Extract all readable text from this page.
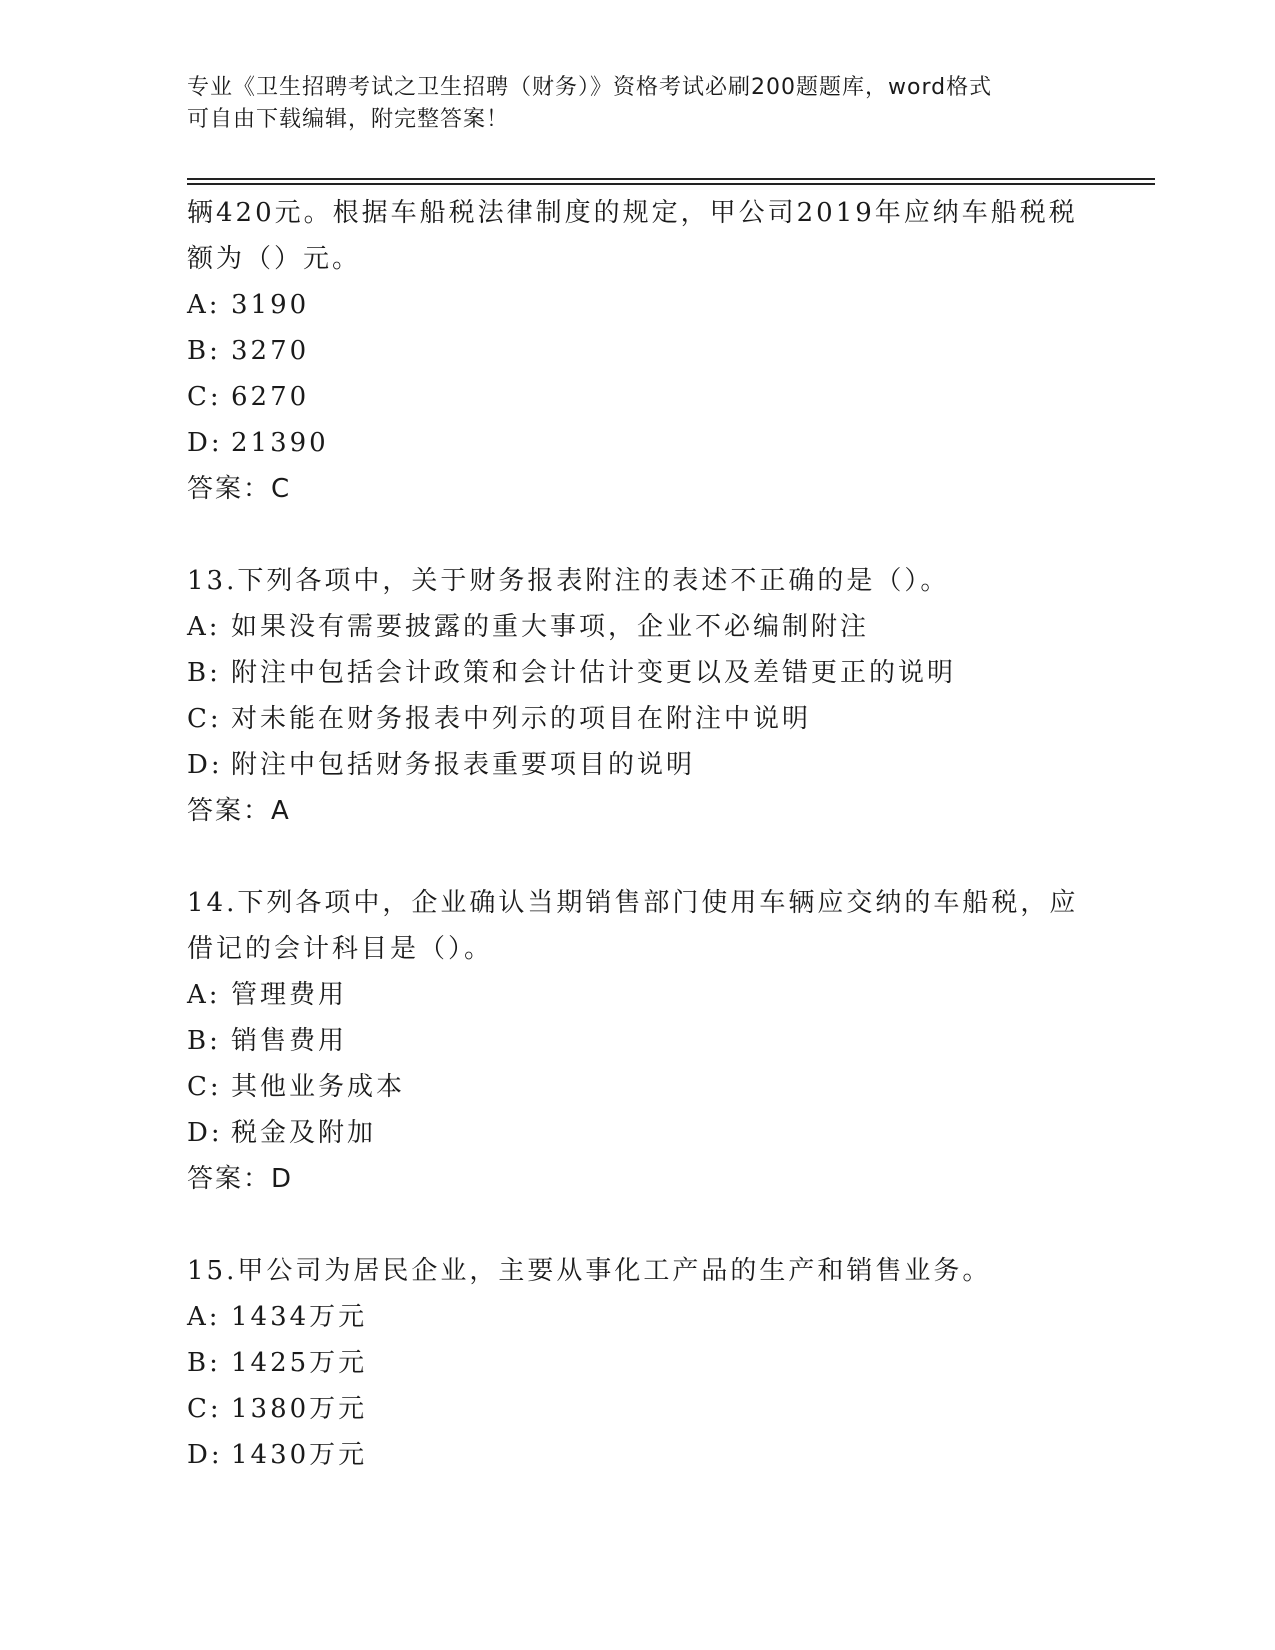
专业《卫生招聘考试之卫生招聘（财务）》资格考试必刷200题题库，word格式
可自由下载编辑，附完整答案！
辆420元。根据车船税法律制度的规定，甲公司2019年应纳车船税税
额为（）元。
A: 3190
B: 3270
C: 6270
D: 21390
答案：C
13.下列各项中，关于财务报表附注的表述不正确的是（）。
A: 如果没有需要披露的重大事项，企业不必编制附注
B: 附注中包括会计政策和会计估计变更以及差错更正的说明
C: 对未能在财务报表中列示的项目在附注中说明
D: 附注中包括财务报表重要项目的说明
答案：A
14.下列各项中，企业确认当期销售部门使用车辆应交纳的车船税，应
借记的会计科目是（）。
A: 管理费用
B: 销售费用
C: 其他业务成本
D: 税金及附加
答案：D
15.甲公司为居民企业，主要从事化工产品的生产和销售业务。
A: 1434万元
B: 1425万元
C: 1380万元
D: 1430万元
